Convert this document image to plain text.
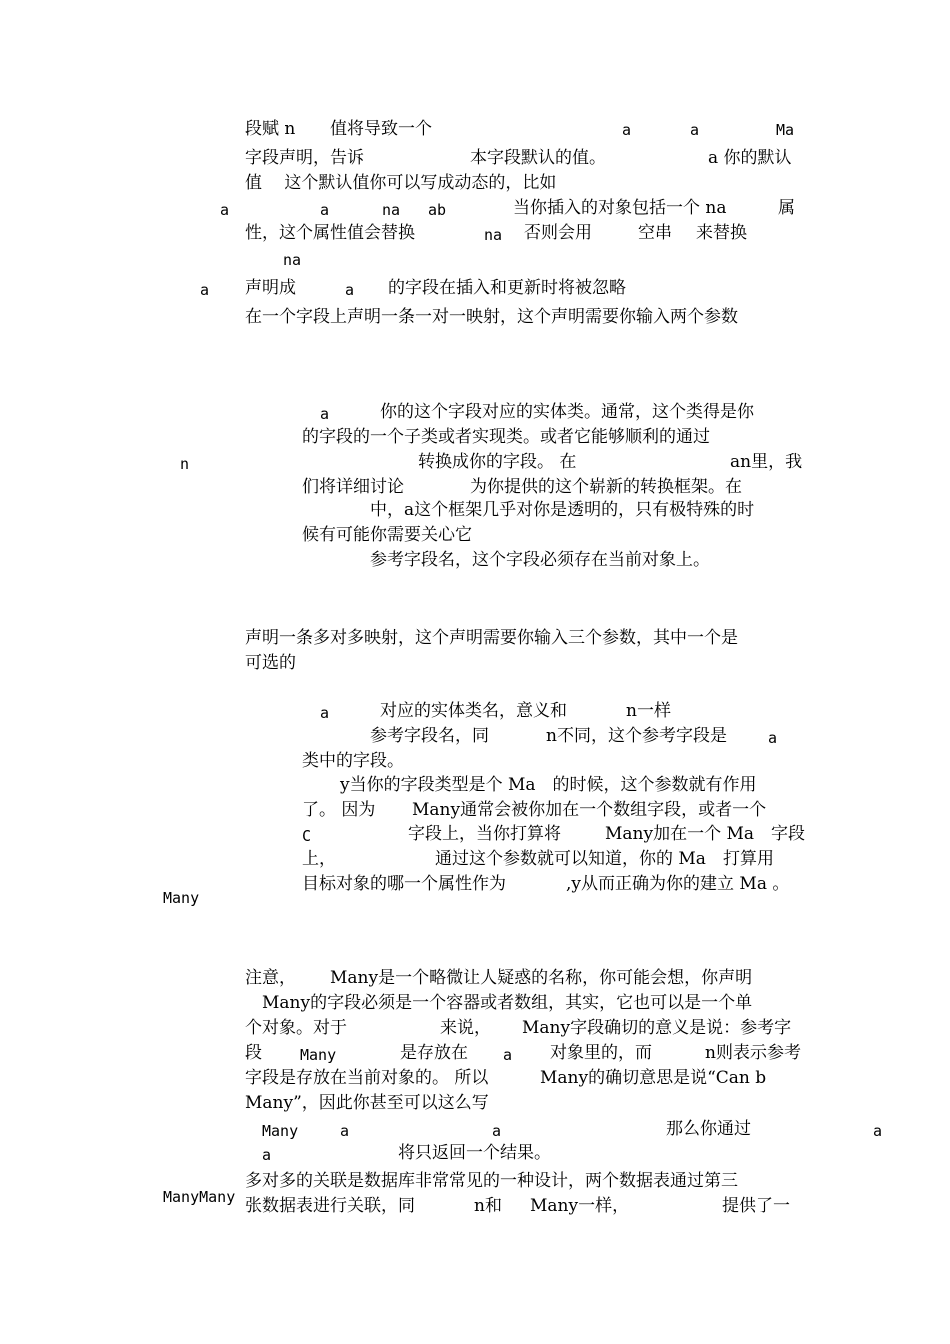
段赋 n 值将导致一个	a	a	Ma
字段声明，告诉	本字段默认的值。	a 你的默认
值　 这个默认值你可以写成动态的，比如
a	a	na ab	当你插入的对象包括一个 na	属
性，这个属性值会替换	na 否则会用	空串 来替换
na
a 声明成	a 的字段在插入和更新时将被忽略
在一个字段上声明一条一对一映射，这个声明需要你输入两个参数
a	你的这个字段对应的实体类。通常，这个类得是你
的字段的一个子类或者实现类。或者它能够顺利的通过
n	转换成你的字段。 在	an里，我
们将详细讨论	为你提供的这个崭新的转换框架。在
中，a这个框架几乎对你是透明的，只有极特殊的时
候有可能你需要关心它
参考字段名，这个字段必须存在当前对象上。
声明一条多对多映射，这个声明需要你输入三个参数，其中一个是
可选的
a	对应的实体类名，意义和	n一样
参考字段名，同	n不同，这个参考字段是	a
类中的字段。
y当你的字段类型是个 Ma　的时候，这个参数就有作用
了。 因为 Many通常会被你加在一个数组字段，或者一个
C	字段上，当你打算将	Many加在一个 Ma　字段
上，	通过这个参数就可以知道，你的 Ma　打算用
目标对象的哪一个属性作为	,y从而正确为你的建立 Ma 。
Many
注意， Many是一个略微让人疑惑的名称，你可能会想，你声明
Many的字段必须是一个容器或者数组，其实，它也可以是一个单
个对象。对于	来说， Many字段确切的意义是说：参考字
段	Many	是存放在 a 对象里的，而	n则表示参考
字段是存放在当前对象的。 所以	Many的确切意思是说“Can b
Many”，因此你甚至可以这么写
Many	a	a	那么你通过	a
a	将只返回一个结果。
多对多的关联是数据库非常常见的一种设计，两个数据表通过第三
ManyMany 张数据表进行关联，同	n和 Many一样，	提供了一
